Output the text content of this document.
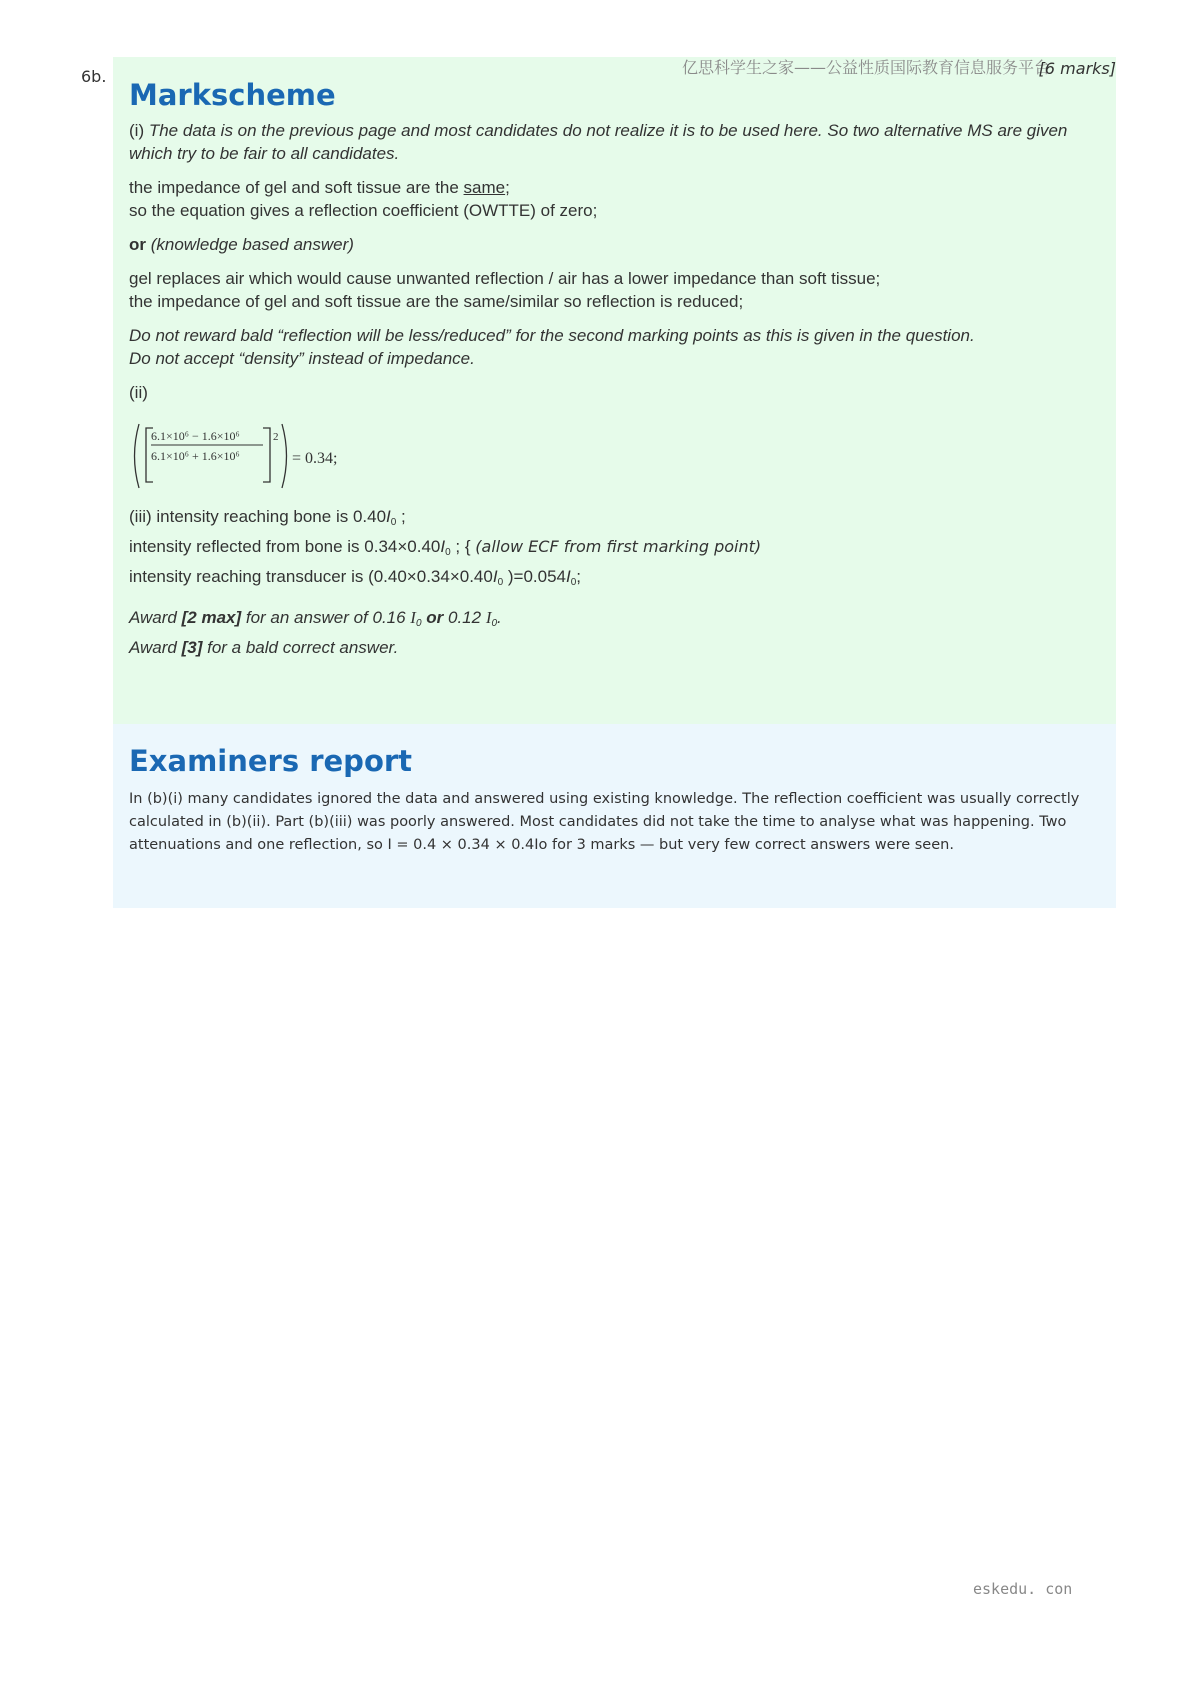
6b.
Markscheme
(i) The data is on the previous page and most candidates do not realize it is to be used here. So two alternative MS are given
which try to be fair to all candidates.
the impedance of gel and soft tissue are the same;
so the equation gives a reflection coefficient (OWTTE) of zero;
or (knowledge based answer)
gel replaces air which would cause unwanted reflection / air has a lower impedance than soft tissue;
the impedance of gel and soft tissue are the same/similar so reflection is reduced;
Do not reward bald “reflection will be less/reduced” for the second marking points as this is given in the question.
Do not accept “density” instead of impedance.
(ii)
6.1×10⁶ − 1.6×10⁶
6.1×10⁶ + 1.6×10⁶
2
= 0.34;
(iii) intensity reaching bone is $0.40I_0$ ;
intensity reflected from bone is $0.34\times 0.40I_0$ ; { (allow ECF from first marking point)
intensity reaching transducer is ($0.40\times 0.34\times 0.40I_0$ )$=0.054I_0$;
Award [2 max] for an answer of 0.16 $I_0$ or 0.12 $I_0$.
Award [3] for a bald correct answer.
Examiners report
In (b)(i) many candidates ignored the data and answered using existing knowledge. The reflection coefficient was usually correctly calculated in (b)(ii). Part (b)(iii) was poorly answered. Most candidates did not take the time to analyse what was happening. Two attenuations and one reflection, so I = 0.4 × 0.34 × 0.4Io for 3 marks — but very few correct answers were seen.
亿思科学生之家——公益性质国际教育信息服务平台
[6 marks]
eskedu. con
